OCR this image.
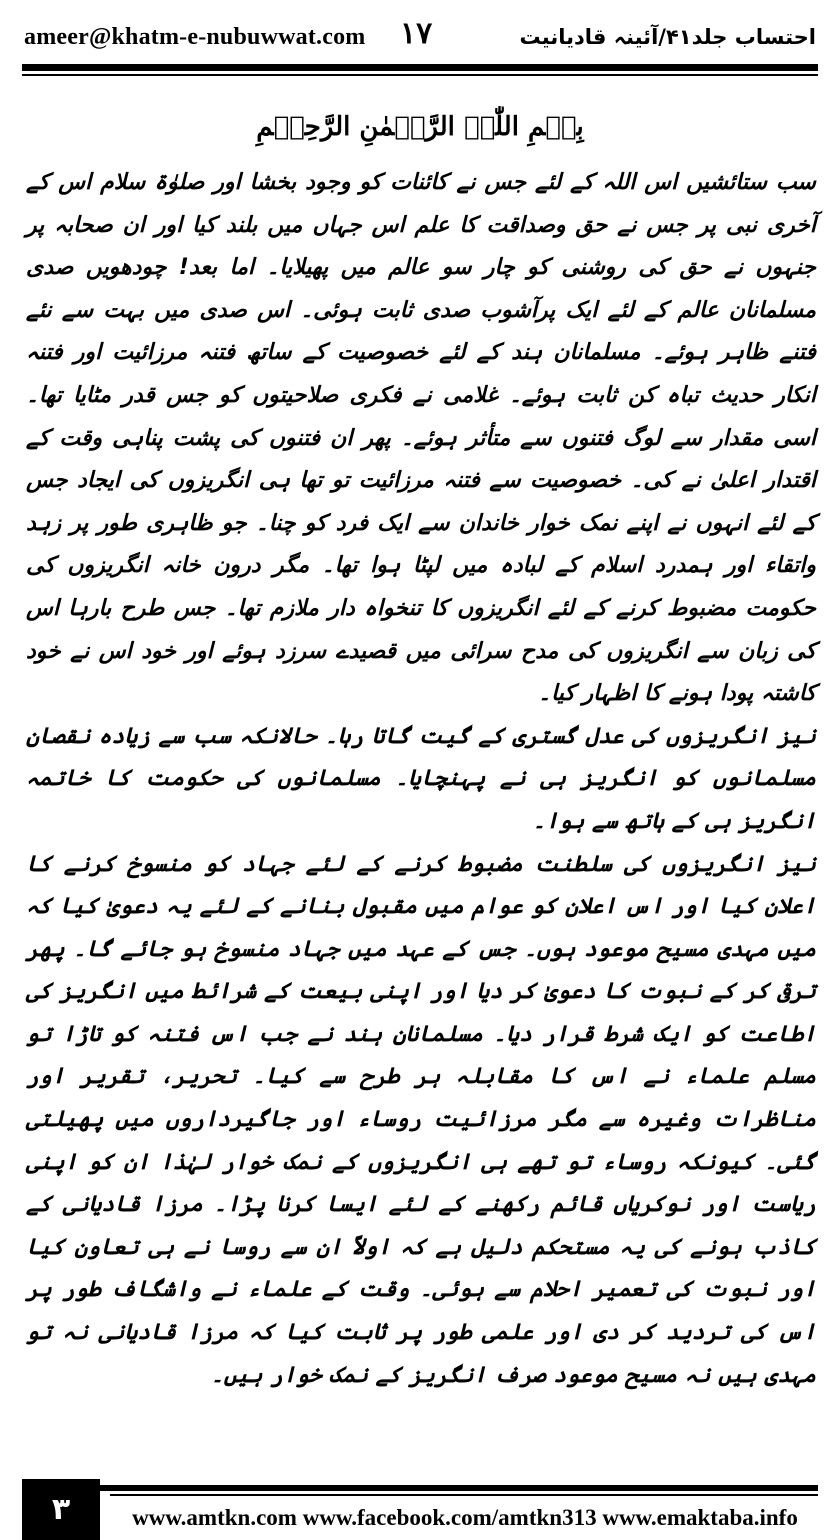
ameer@khatm-e-nubuwwat.com ۱۷	احتساب جلد۴۱/آئینہ قادیانیت
بِسۡمِ اللّٰہِ الرَّحۡمٰنِ الرَّحِیۡمِ

سب ستائشیں اس اللہ کے لئے جس نے کائنات کو وجود بخشا اور صلوٰۃ سلام اس کے آخری نبی پر جس نے حق وصداقت کا علم اس جہاں میں بلند کیا اور ان صحابہ پر جنہوں نے حق کی روشنی کو چار سو عالم میں پھیلایا۔ اما بعد! چودھویں صدی مسلمانان عالم کے لئے ایک پرآشوب صدی ثابت ہوئی۔ اس صدی میں بہت سے نئے فتنے ظاہر ہوئے۔ مسلمانان ہند کے لئے خصوصیت کے ساتھ فتنہ مرزائیت اور فتنہ انکار حدیث تباہ کن ثابت ہوئے۔ غلامی نے فکری صلاحیتوں کو جس قدر مٹایا تھا۔ اسی مقدار سے لوگ فتنوں سے متأثر ہوئے۔ پھر ان فتنوں کی پشت پناہی وقت کے اقتدار اعلیٰ نے کی۔ خصوصیت سے فتنہ مرزائیت تو تھا ہی انگریزوں کی ایجاد جس کے لئے انہوں نے اپنے نمک خوار خاندان سے ایک فرد کو چنا۔ جو ظاہری طور پر زہد واتقاء اور ہمدرد اسلام کے لبادہ میں لپٹا ہوا تھا۔ مگر درون خانہ انگریزوں کی حکومت مضبوط کرنے کے لئے انگریزوں کا تنخواہ دار ملازم تھا۔ جس طرح بارہا اس کی زبان سے انگریزوں کی مدح سرائی میں قصیدے سرزد ہوئے اور خود اس نے خود کاشتہ پودا ہونے کا اظہار کیا۔

نیز انگریزوں کی عدل گستری کے گیت گاتا رہا۔ حالانکہ سب سے زیادہ نقصان مسلمانوں کو انگریز ہی نے پہنچایا۔ مسلمانوں کی حکومت کا خاتمہ انگریز ہی کے ہاتھ سے ہوا۔

نیز انگریزوں کی سلطنت مضبوط کرنے کے لئے جہاد کو منسوخ کرنے کا اعلان کیا اور اس اعلان کو عوام میں مقبول بنانے کے لئے یہ دعویٰ کیا کہ میں مہدی مسیح موعود ہوں۔ جس کے عہد میں جہاد منسوخ ہو جائے گا۔ پھر ترقی کر کے نبوت کا دعویٰ کر دیا اور اپنی بیعت کے شرائط میں انگریز کی اطاعت کو ایک شرط قرار دیا۔ مسلمانان ہند نے جب اس فتنہ کو تاڑا تو مسلم علماء نے اس کا مقابلہ ہر طرح سے کیا۔ تحریر، تقریر اور مناظرات وغیرہ سے مگر مرزائیت روساء اور جاگیرداروں میں پھیلتی گئی۔ کیونکہ روساء تو تھے ہی انگریزوں کے نمک خوار لہٰذا ان کو اپنی ریاست اور نوکریاں قائم رکھنے کے لئے ایسا کرنا پڑا۔ مرزا قادیانی کے کاذب ہونے کی یہ مستحکم دلیل ہے کہ اولاً ان سے روسا نے ہی تعاون کیا اور نبوت کی تعمیر احلام سے ہوئی۔ وقت کے علماء نے واشگاف طور پر اس کی تردید کر دی اور علمی طور پر ثابت کیا کہ مرزا قادیانی نہ تو مہدی ہیں نہ مسیح موعود صرف انگریز کے نمک خوار ہیں۔

۳	www.amtkn.com www.facebook.com/amtkn313 www.emaktaba.info
